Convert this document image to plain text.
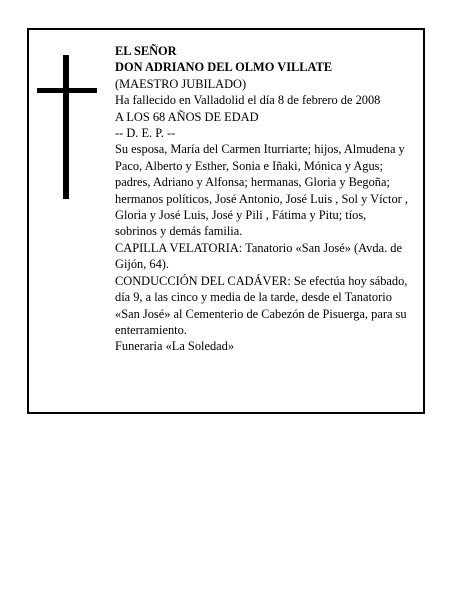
EL SEÑOR

DON ADRIANO DEL OLMO VILLATE

(MAESTRO JUBILADO)

Ha fallecido en Valladolid el día 8 de febrero de 2008

A LOS 68 AÑOS DE EDAD

-- D. E. P. --

Su esposa, María del Carmen Iturriarte; hijos, Almudena y Paco, Alberto y Esther, Sonia e Iñaki, Mónica y Agus; padres, Adriano y Alfonsa; hermanas, Gloria y Begoña; hermanos políticos, José Antonio, José Luis , Sol y Víctor , Gloria y José Luis, José y Pili , Fátima y Pitu; tíos, sobrinos y demás familia.

CAPILLA VELATORIA: Tanatorio «San José» (Avda. de Gijón, 64).

CONDUCCIÓN DEL CADÁVER: Se efectúa hoy sábado, día 9, a las cinco y media de la tarde, desde el Tanatorio «San José» al Cementerio de Cabezón de Pisuerga, para su enterramiento.

Funeraria «La Soledad»
